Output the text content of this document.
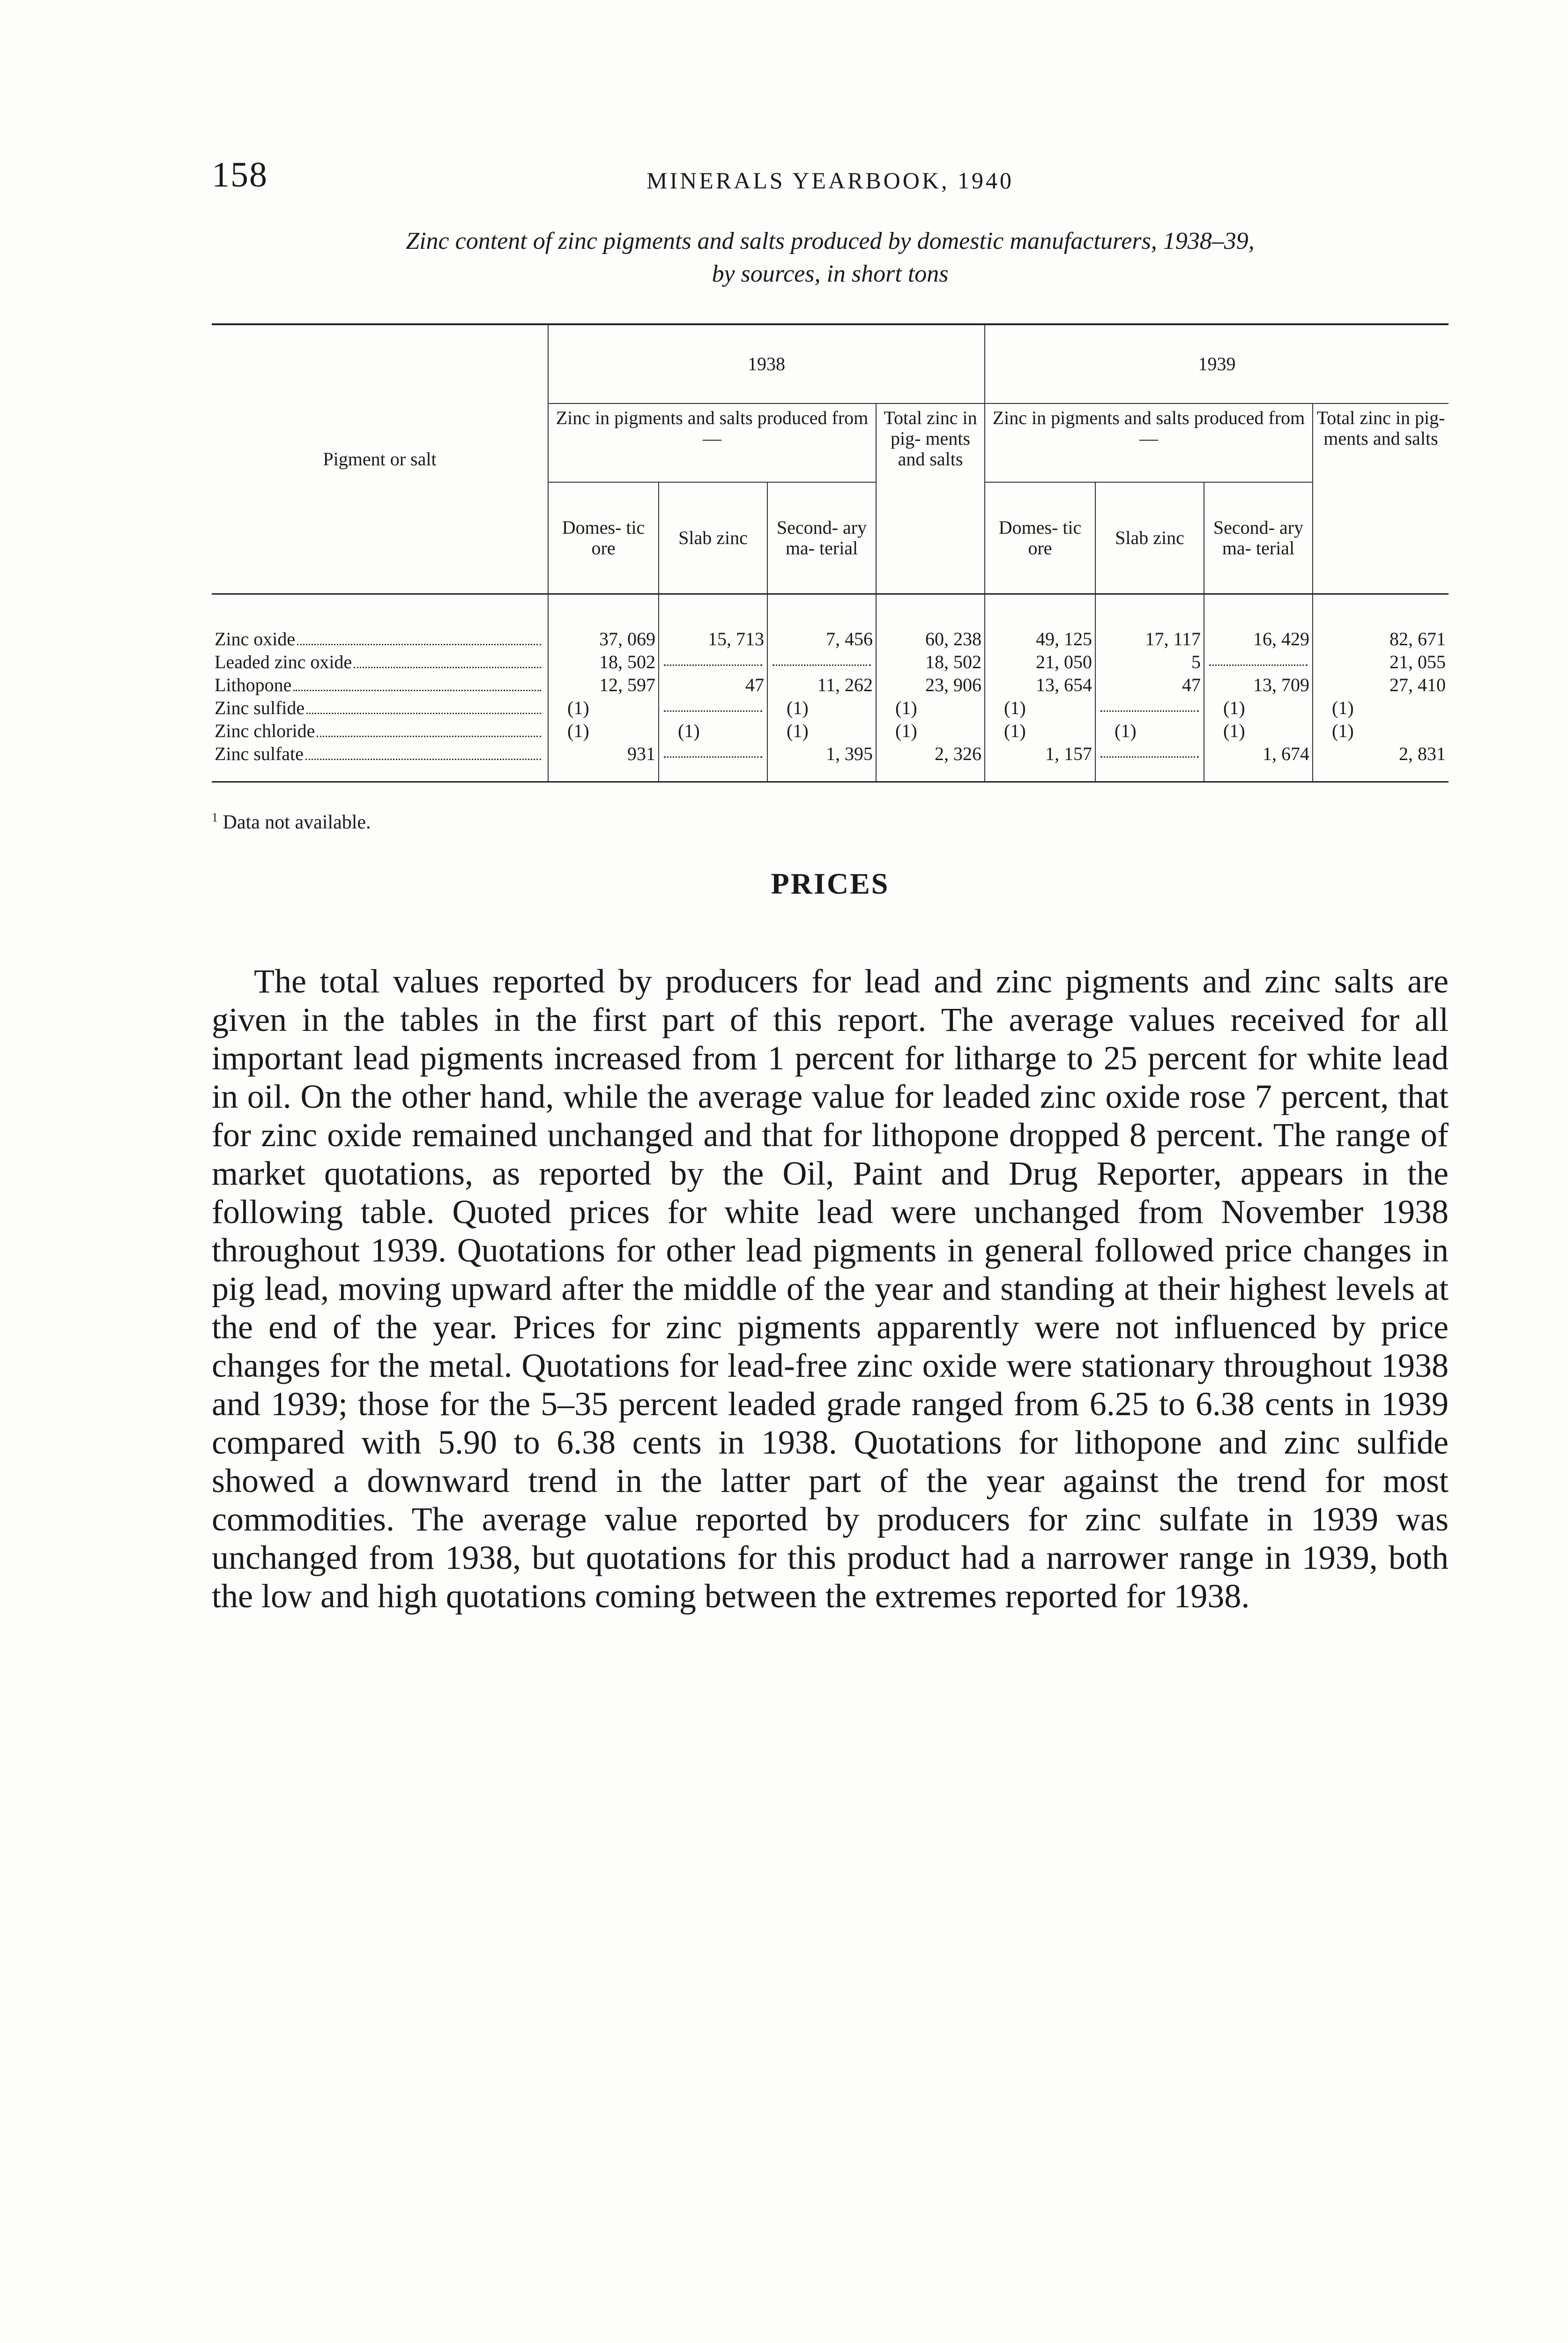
158	MINERALS YEARBOOK, 1940
Zinc content of zinc pigments and salts produced by domestic manufacturers, 1938–39,
by sources, in short tons
Pigment or salt	1938				1939			
	Zinc in pigments and salts produced from—			Total zinc in pig- ments and salts	Zinc in pigments and salts produced from—			Total zinc in pig- ments and salts
	Domes- tic ore	Slab zinc	Second- ary ma- terial		Domes- tic ore	Slab zinc	Second- ary ma- terial	

Zinc oxide	37, 069	15, 713	7, 456	60, 238	49, 125	17, 117	16, 429	82, 671

Leaded zinc oxide	18, 502			18, 502	21, 050	5		21, 055

Lithopone	12, 597	47	11, 262	23, 906	13, 654	47	13, 709	27, 410

Zinc sulfide	(1)		(1)	(1)	(1)		(1)	(1)

Zinc chloride	(1)	(1)	(1)	(1)	(1)	(1)	(1)	(1)

Zinc sulfate	931		1, 395	2, 326	1, 157		1, 674	2, 831
$^1$ Data not available.
PRICES

The total values reported by producers for lead and zinc pigments and zinc salts are given in the tables in the first part of this report. The average values received for all important lead pigments increased from 1 percent for litharge to 25 percent for white lead in oil. On the other hand, while the average value for leaded zinc oxide rose 7 percent, that for zinc oxide remained unchanged and that for lithopone dropped 8 percent. The range of market quotations, as reported by the Oil, Paint and Drug Reporter, appears in the following table. Quoted prices for white lead were unchanged from November 1938 throughout 1939. Quotations for other lead pigments in general followed price changes in pig lead, moving upward after the middle of the year and standing at their highest levels at the end of the year. Prices for zinc pigments apparently were not influenced by price changes for the metal. Quotations for lead-free zinc oxide were stationary throughout 1938 and 1939; those for the 5–35 percent leaded grade ranged from 6.25 to 6.38 cents in 1939 compared with 5.90 to 6.38 cents in 1938. Quotations for lithopone and zinc sulfide showed a downward trend in the latter part of the year against the trend for most commodities. The average value reported by producers for zinc sulfate in 1939 was unchanged from 1938, but quotations for this product had a narrower range in 1939, both the low and high quotations coming between the extremes reported for 1938.
